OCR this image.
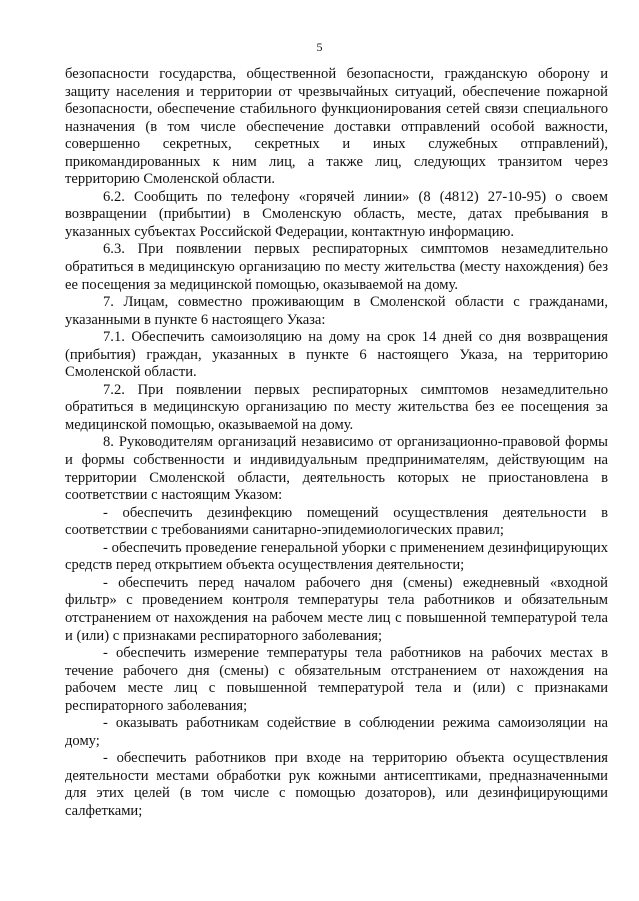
5

безопасности государства, общественной безопасности, гражданскую оборону и защиту населения и территории от чрезвычайных ситуаций, обеспечение пожарной безопасности, обеспечение стабильного функционирования сетей связи специального назначения (в том числе обеспечение доставки отправлений особой важности, совершенно секретных, секретных и иных служебных отправлений), прикомандированных к ним лиц, а также лиц, следующих транзитом через территорию Смоленской области.

6.2. Сообщить по телефону «горячей линии» (8 (4812) 27-10-95) о своем возвращении (прибытии) в Смоленскую область, месте, датах пребывания в указанных субъектах Российской Федерации, контактную информацию.

6.3. При появлении первых респираторных симптомов незамедлительно обратиться в медицинскую организацию по месту жительства (месту нахождения) без ее посещения за медицинской помощью, оказываемой на дому.

7. Лицам, совместно проживающим в Смоленской области с гражданами, указанными в пункте 6 настоящего Указа:

7.1. Обеспечить самоизоляцию на дому на срок 14 дней со дня возвращения (прибытия) граждан, указанных в пункте 6 настоящего Указа, на территорию Смоленской области.

7.2. При появлении первых респираторных симптомов незамедлительно обратиться в медицинскую организацию по месту жительства без ее посещения за медицинской помощью, оказываемой на дому.

8. Руководителям организаций независимо от организационно-правовой формы и формы собственности и индивидуальным предпринимателям, действующим на территории Смоленской области, деятельность которых не приостановлена в соответствии с настоящим Указом:

- обеспечить дезинфекцию помещений осуществления деятельности в соответствии с требованиями санитарно-эпидемиологических правил;

- обеспечить проведение генеральной уборки с применением дезинфицирующих средств перед открытием объекта осуществления деятельности;

- обеспечить перед началом рабочего дня (смены) ежедневный «входной фильтр» с проведением контроля температуры тела работников и обязательным отстранением от нахождения на рабочем месте лиц с повышенной температурой тела и (или) с признаками респираторного заболевания;

- обеспечить измерение температуры тела работников на рабочих местах в течение рабочего дня (смены) с обязательным отстранением от нахождения на рабочем месте лиц с повышенной температурой тела и (или) с признаками респираторного заболевания;

- оказывать работникам содействие в соблюдении режима самоизоляции на дому;

- обеспечить работников при входе на территорию объекта осуществления деятельности местами обработки рук кожными антисептиками, предназначенными для этих целей (в том числе с помощью дозаторов), или дезинфицирующими салфетками;
